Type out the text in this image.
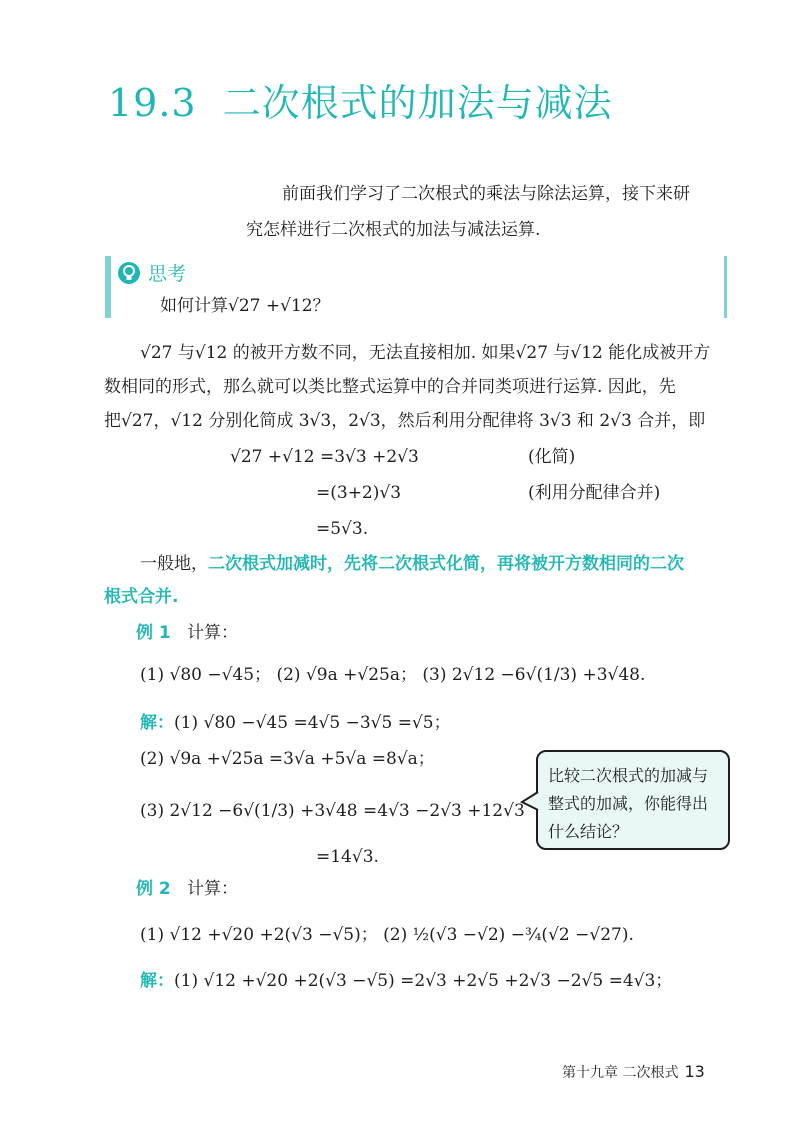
19.3 二次根式的加法与减法
前面我们学习了二次根式的乘法与除法运算，接下来研
究怎样进行二次根式的加法与减法运算.
思考
如何计算√27 +√12？
√27 与√12 的被开方数不同，无法直接相加. 如果√27 与√12 能化成被开方
数相同的形式，那么就可以类比整式运算中的合并同类项进行运算. 因此，先
把√27，√12 分别化简成 3√3，2√3，然后利用分配律将 3√3 和 2√3 合并，即
√27 +√12 =3√3 +2√3	(化简)
=(3+2)√3	(利用分配律合并)
=5√3.
一般地，二次根式加减时，先将二次根式化简，再将被开方数相同的二次
根式合并.
例 1 计算：
(1) √80 −√45； (2) √9a +√25a； (3) 2√12 −6√(1/3) +3√48.
解：(1) √80 −√45 =4√5 −3√5 =√5；
(2) √9a +√25a =3√a +5√a =8√a；
(3) 2√12 −6√(1/3) +3√48 =4√3 −2√3 +12√3
=14√3.
比较二次根式的加减与整式的加减，你能得出什么结论？
例 2 计算：
(1) √12 +√20 +2(√3 −√5)； (2) ½(√3 −√2) −¾(√2 −√27).
解：(1) √12 +√20 +2(√3 −√5) =2√3 +2√5 +2√3 −2√5 =4√3；
第十九章 二次根式 13
